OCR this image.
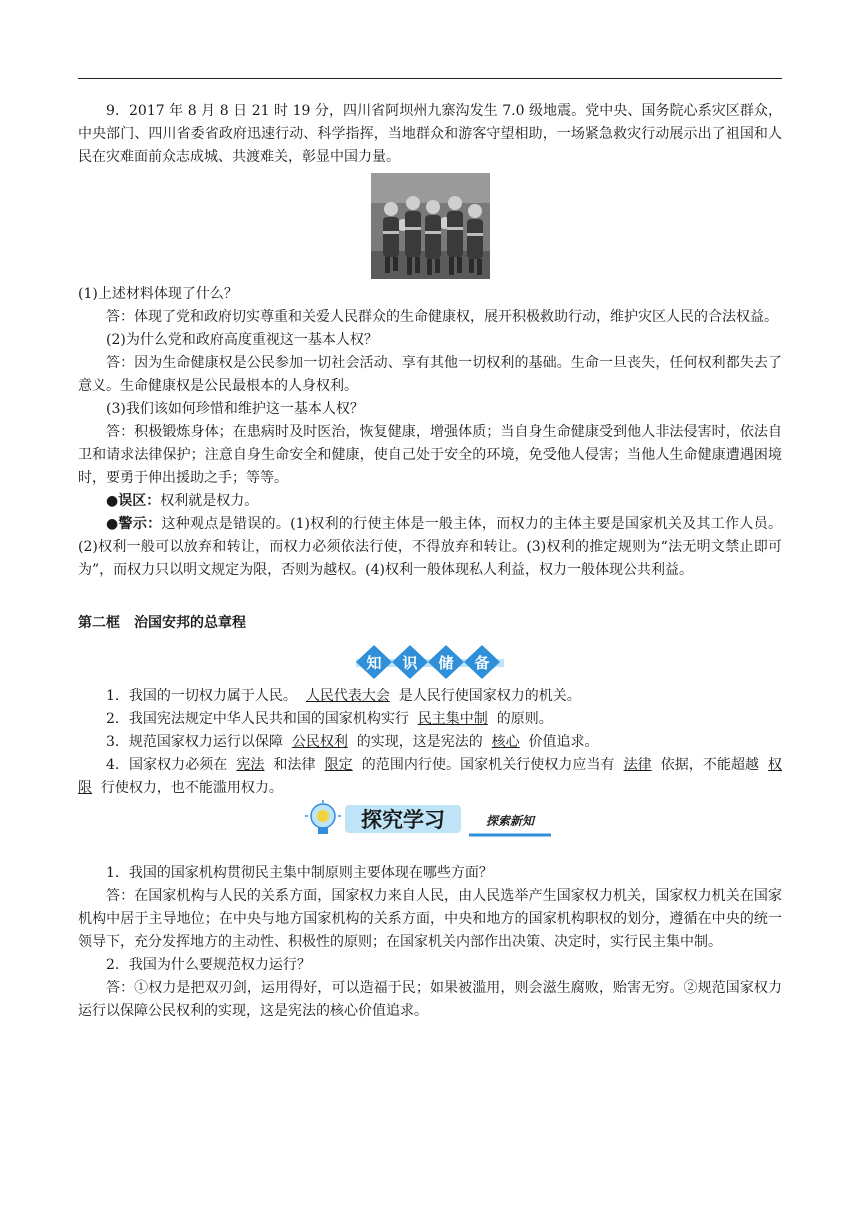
9．2017 年 8 月 8 日 21 时 19 分，四川省阿坝州九寨沟发生 7.0 级地震。党中央、国务院心系灾区群众，中央部门、四川省委省政府迅速行动、科学指挥，当地群众和游客守望相助，一场紧急救灾行动展示出了祖国和人民在灾难面前众志成城、共渡难关，彰显中国力量。

(1)上述材料体现了什么？

答：体现了党和政府切实尊重和关爱人民群众的生命健康权，展开积极救助行动，维护灾区人民的合法权益。

(2)为什么党和政府高度重视这一基本人权？

答：因为生命健康权是公民参加一切社会活动、享有其他一切权利的基础。生命一旦丧失，任何权利都失去了意义。生命健康权是公民最根本的人身权利。

(3)我们该如何珍惜和维护这一基本人权？

答：积极锻炼身体；在患病时及时医治，恢复健康，增强体质；当自身生命健康受到他人非法侵害时，依法自卫和请求法律保护；注意自身生命安全和健康，使自己处于安全的环境，免受他人侵害；当他人生命健康遭遇困境时，要勇于伸出援助之手；等等。

●误区：权利就是权力。

●警示：这种观点是错误的。(1)权利的行使主体是一般主体，而权力的主体主要是国家机关及其工作人员。(2)权利一般可以放弃和转让，而权力必须依法行使，不得放弃和转让。(3)权利的推定规则为“法无明文禁止即可为”，而权力只以明文规定为限，否则为越权。(4)权利一般体现私人利益，权力一般体现公共利益。

第二框　治国安邦的总章程

知 识 储 备

1．我国的一切权力属于人民。 人民代表大会 是人民行使国家权力的机关。

2．我国宪法规定中华人民共和国的国家机构实行 民主集中制 的原则。

3．规范国家权力运行以保障 公民权利 的实现，这是宪法的 核心 价值追求。

4．国家权力必须在 宪法 和法律 限定 的范围内行使。国家机关行使权力应当有 法律 依据，不能超越 权限 行使权力，也不能滥用权力。

探究学习	探索新知

1．我国的国家机构贯彻民主集中制原则主要体现在哪些方面？

答：在国家机构与人民的关系方面，国家权力来自人民，由人民选举产生国家权力机关，国家权力机关在国家机构中居于主导地位；在中央与地方国家机构的关系方面，中央和地方的国家机构职权的划分，遵循在中央的统一领导下，充分发挥地方的主动性、积极性的原则；在国家机关内部作出决策、决定时，实行民主集中制。

2．我国为什么要规范权力运行？

答：①权力是把双刃剑，运用得好，可以造福于民；如果被滥用，则会滋生腐败，贻害无穷。②规范国家权力运行以保障公民权利的实现，这是宪法的核心价值追求。
